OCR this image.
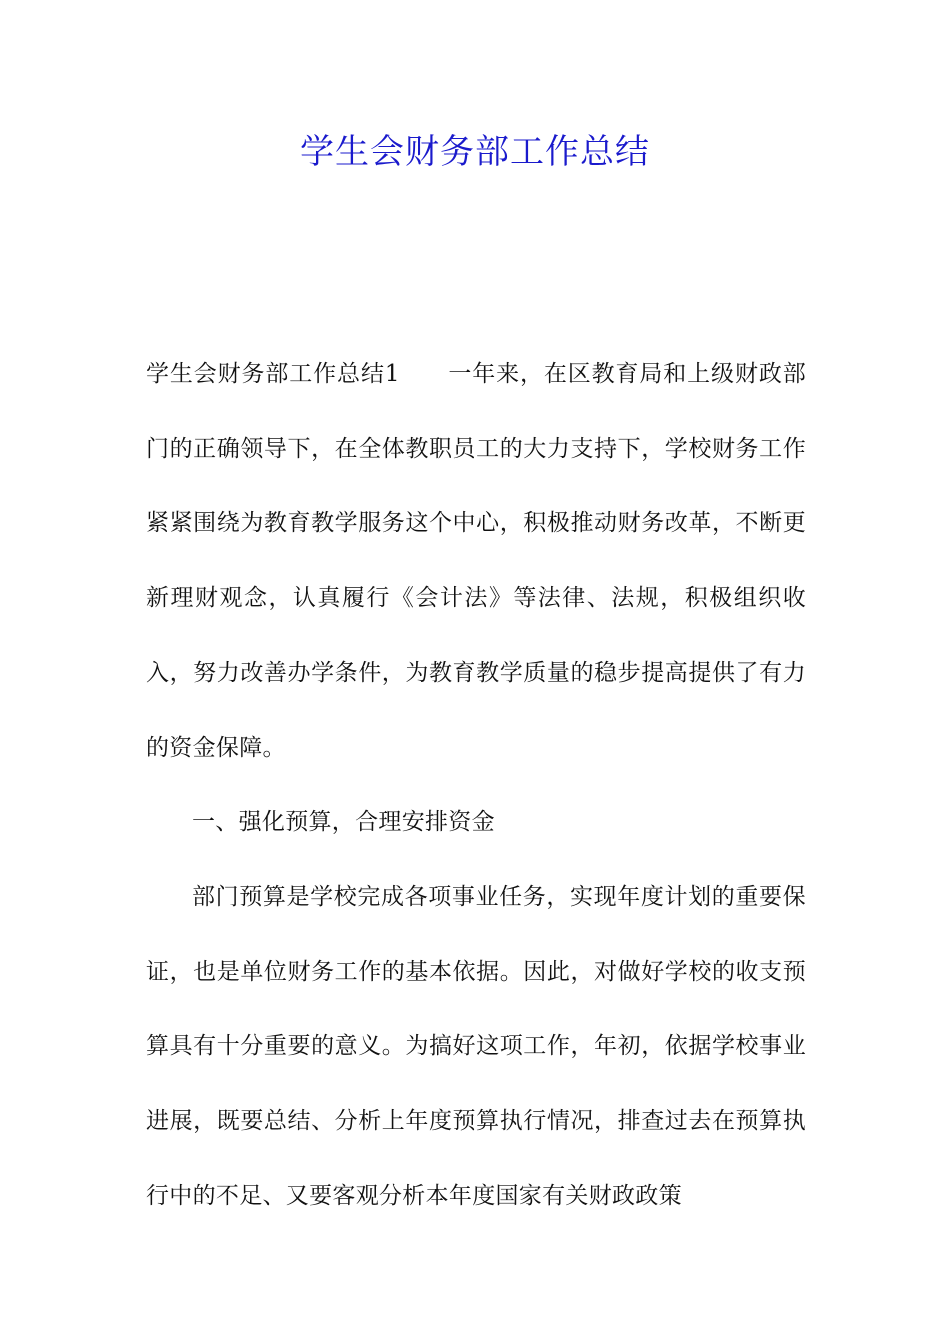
学生会财务部工作总结

学生会财务部工作总结1 一年来，在区教育局和上级财政部门的正确领导下，在全体教职员工的大力支持下，学校财务工作紧紧围绕为教育教学服务这个中心，积极推动财务改革，不断更新理财观念，认真履行《会计法》等法律、法规，积极组织收入，努力改善办学条件，为教育教学质量的稳步提高提供了有力的资金保障。

一、强化预算，合理安排资金

部门预算是学校完成各项事业任务，实现年度计划的重要保证，也是单位财务工作的基本依据。因此，对做好学校的收支预算具有十分重要的意义。为搞好这项工作，年初，依据学校事业进展，既要总结、分析上年度预算执行情况，排查过去在预算执行中的不足、又要客观分析本年度国家有关财政政策
